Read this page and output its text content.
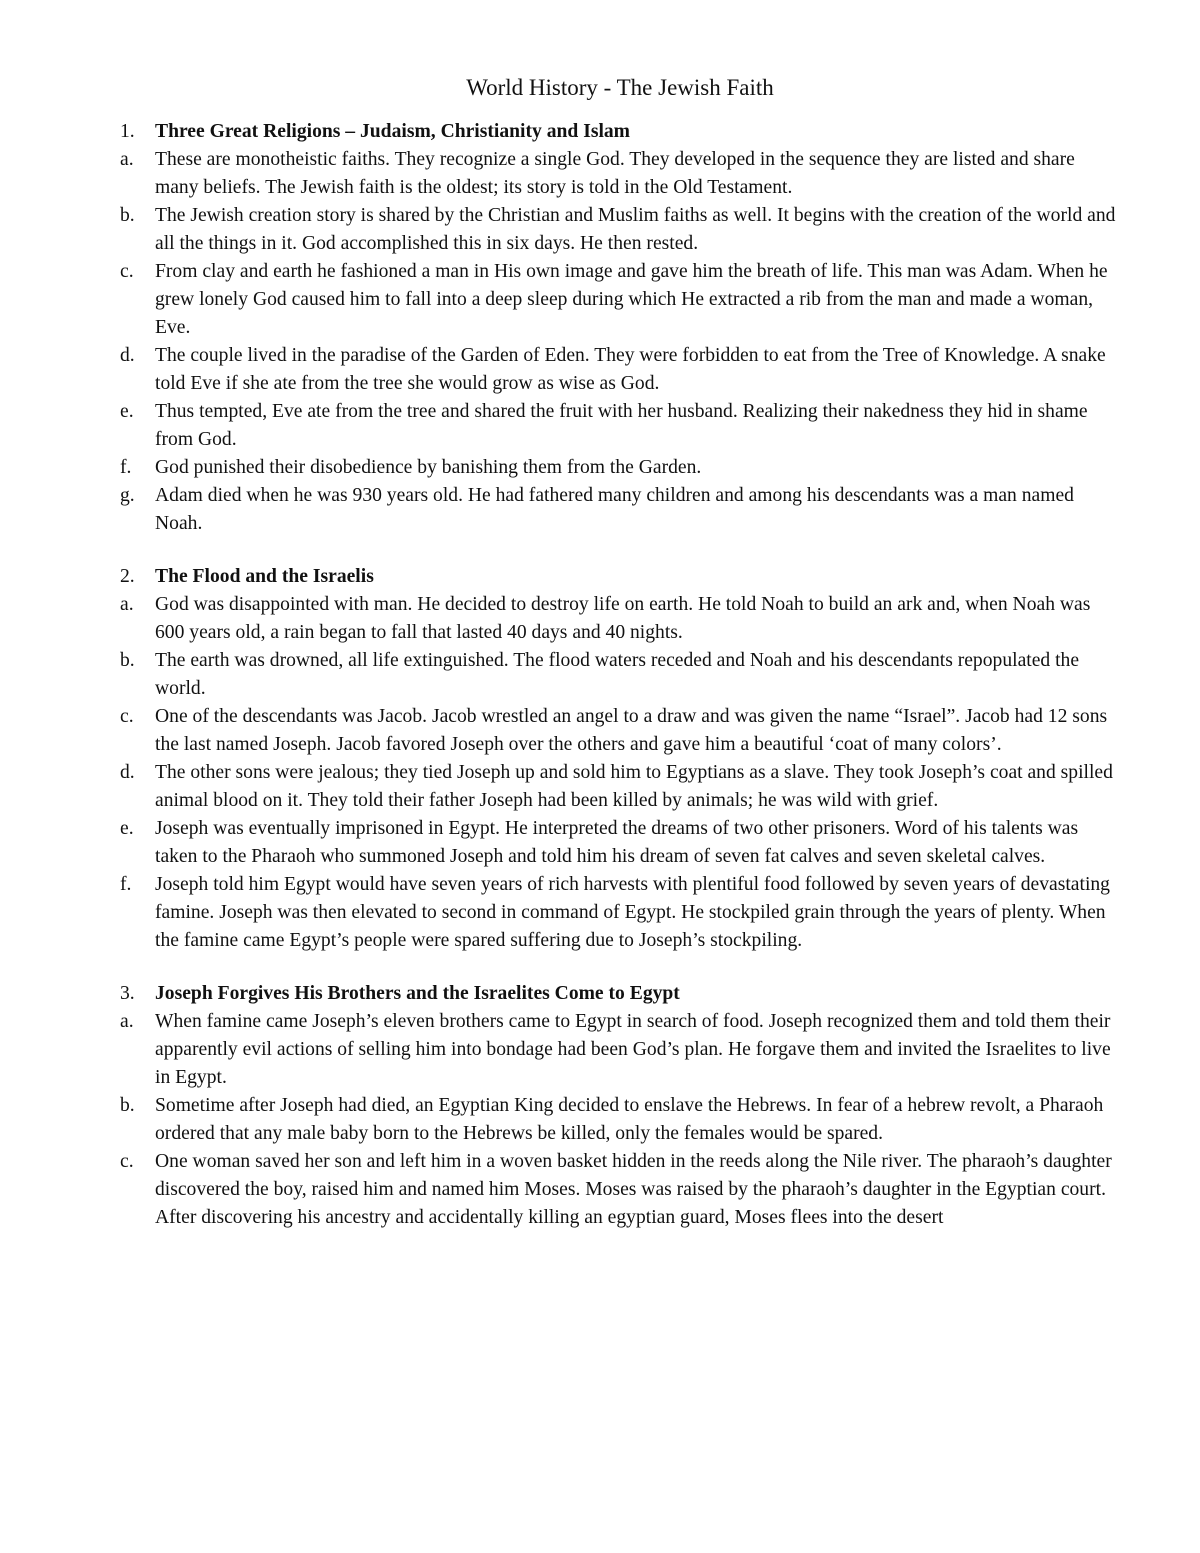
World History - The Jewish Faith
1.	Three Great Religions – Judaism, Christianity and Islam
a.	These are monotheistic faiths. They recognize a single God. They developed in the sequence they are listed and share many beliefs. The Jewish faith is the oldest; its story is told in the Old Testament.
b.	The Jewish creation story is shared by the Christian and Muslim faiths as well. It begins with the creation of the world and all the things in it. God accomplished this in six days. He then rested.
c.	From clay and earth he fashioned a man in His own image and gave him the breath of life. This man was Adam. When he grew lonely God caused him to fall into a deep sleep during which He extracted a rib from the man and made a woman, Eve.
d.	The couple lived in the paradise of the Garden of Eden. They were forbidden to eat from the Tree of Knowledge. A snake told Eve if she ate from the tree she would grow as wise as God.
e.	Thus tempted, Eve ate from the tree and shared the fruit with her husband. Realizing their nakedness they hid in shame from God.
f.	God punished their disobedience by banishing them from the Garden.
g.	Adam died when he was 930 years old. He had fathered many children and among his descendants was a man named Noah.
2.	The Flood and the Israelis
a.	God was disappointed with man. He decided to destroy life on earth. He told Noah to build an ark and, when Noah was 600 years old, a rain began to fall that lasted 40 days and 40 nights.
b.	The earth was drowned, all life extinguished. The flood waters receded and Noah and his descendants repopulated the world.
c.	One of the descendants was Jacob. Jacob wrestled an angel to a draw and was given the name “Israel”. Jacob had 12 sons the last named Joseph. Jacob favored Joseph over the others and gave him a beautiful ‘coat of many colors’.
d.	The other sons were jealous; they tied Joseph up and sold him to Egyptians as a slave. They took Joseph’s coat and spilled animal blood on it. They told their father Joseph had been killed by animals; he was wild with grief.
e.	Joseph was eventually imprisoned in Egypt. He interpreted the dreams of two other prisoners. Word of his talents was taken to the Pharaoh who summoned Joseph and told him his dream of seven fat calves and seven skeletal calves.
f.	Joseph told him Egypt would have seven years of rich harvests with plentiful food followed by seven years of devastating famine. Joseph was then elevated to second in command of Egypt. He stockpiled grain through the years of plenty. When the famine came Egypt’s people were spared suffering due to Joseph’s stockpiling.
3.	Joseph Forgives His Brothers and the Israelites Come to Egypt
a.	When famine came Joseph’s eleven brothers came to Egypt in search of food. Joseph recognized them and told them their apparently evil actions of selling him into bondage had been God’s plan. He forgave them and invited the Israelites to live in Egypt.
b.	Sometime after Joseph had died, an Egyptian King decided to enslave the Hebrews. In fear of a hebrew revolt, a Pharaoh ordered that any male baby born to the Hebrews be killed, only the females would be spared.
c.	One woman saved her son and left him in a woven basket hidden in the reeds along the Nile river. The pharaoh’s daughter discovered the boy, raised him and named him Moses. Moses was raised by the pharaoh’s daughter in the Egyptian court. After discovering his ancestry and accidentally killing an egyptian guard, Moses flees into the desert
